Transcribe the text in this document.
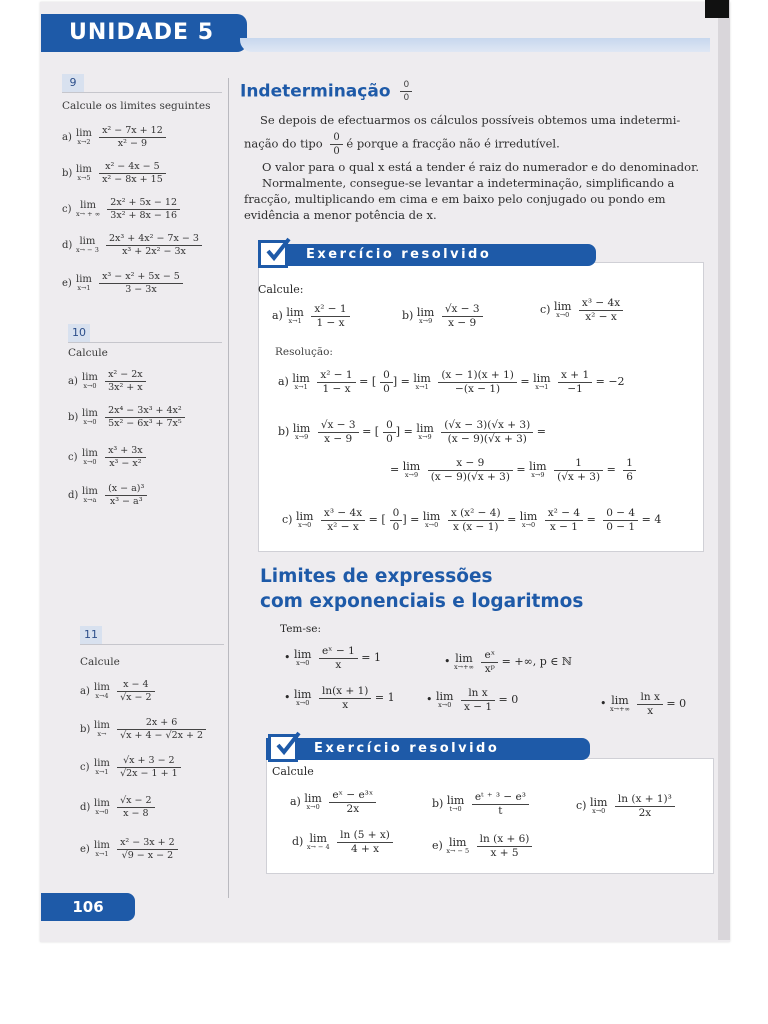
UNIDADE 5
9
Calcule os limites seguintes
a) lim
x→2
$\frac{\text{x² − 7x + 12}}{\text{x² − 9}}$
b) lim
x→5
$\frac{\text{x² − 4x − 5}}{\text{x² − 8x + 15}}$
c) lim
x→ + ∞
$\frac{\text{2x² + 5x − 12}}{\text{3x² + 8x − 16}}$
d) lim
x→ − 3
$\frac{\text{2x³ + 4x² − 7x − 3}}{\text{x³ + 2x² − 3x}}$
e) lim
x→1
$\frac{\text{x³ − x² + 5x − 5}}{3 - 3x}$
10
Calcule
a) lim
x→0
$\frac{\text{x² − 2x}}{\text{3x² + x}}$
b) lim
x→0
$\frac{\text{2x⁴ − 3x³ + 4x²}}{\text{5x² − 6x³ + 7x⁵}}$
c) lim
x→0
$\frac{\text{x³ + 3x}}{\text{x³ − x²}}$
d) lim
x→a
$\frac{\text{(x − a)³}}{\text{x³ − a³}}$
11
Calcule
a) lim
x→4
$\frac{x - 4}{√x - 2}$
b) lim
x→
	$\frac{2x + 6}{√x + 4 - √2x + 2}$
c) lim
x→1
$\frac{√x + 3 - 2}{√2x - 1 + 1}$
d) lim
x→0
$\frac{√x - 2}{x - 8}$
e) lim
x→1
$\frac{\text{x² − 3x + 2}}{√9 - x - 2}$
Indeterminação $\frac{0}{0}$
Se depois de efectuarmos os cálculos possíveis obtemos uma indetermi-
nação do tipo $\frac{0}{0}$ é porque a fracção não é irredutível.
O valor para o qual x está a tender é raiz do numerador e do denominador.
Normalmente, consegue-se levantar a indeterminação, simplificando a
fracção, multiplicando em cima e em baixo pelo conjugado ou pondo em
evidência a menor potência de x.
Exercício resolvido
Calcule:
a) lim
x→1
$\frac{\text{x² − 1}}{1 - x}$	b) lim
x→9
$\frac{√x - 3}{x - 9}$	c) lim
x→0
$\frac{\text{x³ − 4x}}{\text{x² − x}}$
Resolução:
a) lim
x→1
$\frac{\text{x² − 1}}{1 - x}$ = [ $\frac{0}{0}$ ] = lim
x→1
$\frac{(x - 1)(x + 1)}{-(x - 1)} = \lim$
x→1
$\frac{x + 1}{-1} = -2$
b) lim
x→9
$\frac{√x - 3}{x - 9}$ = [ $\frac{0}{0}$ ] = lim
x→9
$\frac{(√x - 3)(√x + 3)}{(x - 9)(√x + 3)}$ =
= lim
x→9
$\frac{x - 9}{(x - 9)(√x + 3)} = \lim$
x→9
$\frac{1}{(√x + 3)} = \frac{1}{6}$
c) lim
x→0
$\frac{\text{x³ − 4x}}{\text{x² − x}}$ = [ $\frac{0}{0}$ ] = lim
x→0
$\frac{\text{x (x² − 4)}}{x (x - 1)} = \lim$
x→0
$\frac{\text{x² − 4}}{x - 1} = \frac{0 - 4}{0 - 1} = 4$
Limites de expressões
com exponenciais e logaritmos
Tem-se:
• lim
x→0
$\frac{\text{eˣ − 1}}{x} = 1$	• lim
x→+∞
$\frac{\text{eˣ}}{\text{xᵖ}}$ = +∞, p ∈ ℕ
• lim
x→0
$\frac{\ln(x + 1)}{x} = 1$	• lim
x→0
$\frac{\text{ln x}}{x - 1} = 0$	• lim
x→+∞
$\frac{\text{ln x}}{x} = 0$
Exercício resolvido
Calcule
a) lim
x→0
$\frac{\text{eˣ − e³ˣ}}{2x}$	b) lim
t→0
$\frac{\text{eᵗ ⁺ ³ − e³}}{t}$	c) lim
x→0
$\frac{\text{ln (x + 1)³}}{2x}$
d) lim
x→ − 4
$\frac{\ln (5 + x)}{4 + x}$	e) lim
x→ − 5
$\frac{\ln (x + 6)}{x + 5}$
106
